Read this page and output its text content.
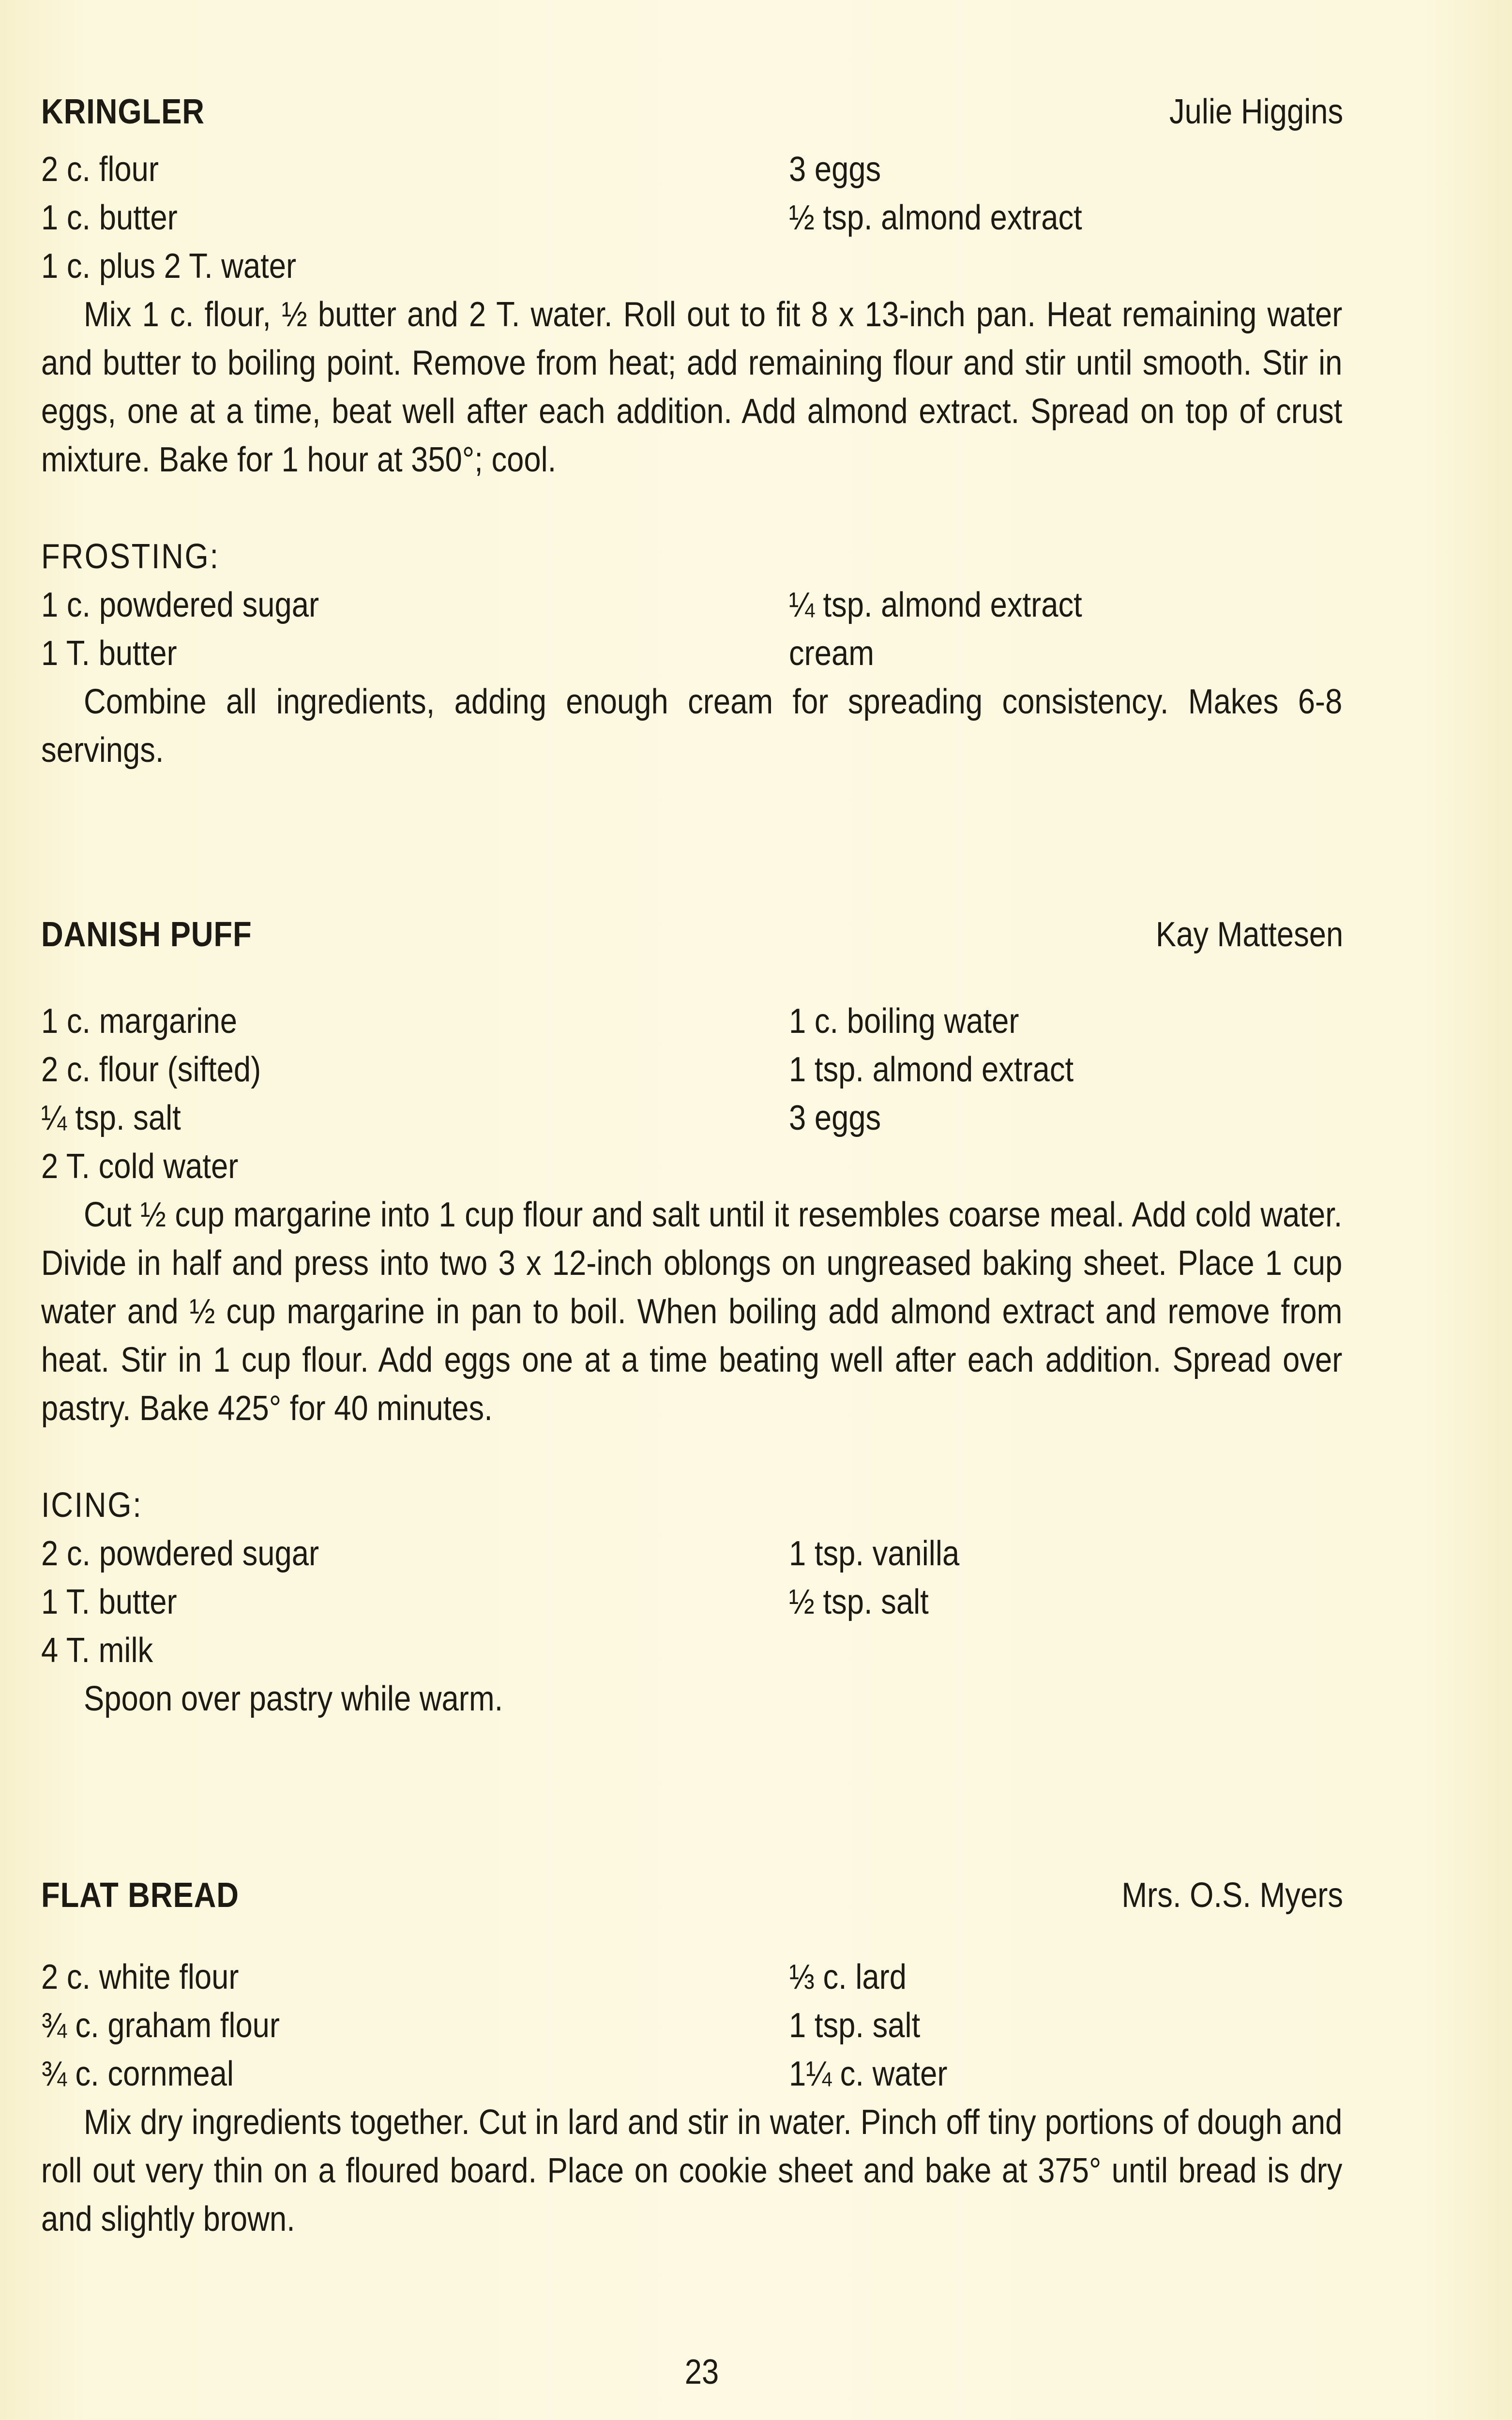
KRINGLER	Julie Higgins
2 c. flour	3 eggs
1 c. butter	½ tsp. almond extract
1 c. plus 2 T. water
Mix 1 c. flour, ½ butter and 2 T. water. Roll out to fit 8 x 13-inch pan. Heat remaining water and butter to boiling point. Remove from heat; add remaining flour and stir until smooth. Stir in eggs, one at a time, beat well after each addition. Add almond extract. Spread on top of crust mixture. Bake for 1 hour at 350°; cool.
FROSTING:
1 c. powdered sugar	¼ tsp. almond extract
1 T. butter	cream
Combine all ingredients, adding enough cream for spreading consistency. Makes 6-8 servings.
DANISH PUFF	Kay Mattesen
1 c. margarine	1 c. boiling water
2 c. flour (sifted)	1 tsp. almond extract
¼ tsp. salt	3 eggs
2 T. cold water
Cut ½ cup margarine into 1 cup flour and salt until it resembles coarse meal. Add cold water. Divide in half and press into two 3 x 12-inch oblongs on ungreased baking sheet. Place 1 cup water and ½ cup margarine in pan to boil. When boiling add almond extract and remove from heat. Stir in 1 cup flour. Add eggs one at a time beating well after each addition. Spread over pastry. Bake 425° for 40 minutes.
ICING:
2 c. powdered sugar	1 tsp. vanilla
1 T. butter	½ tsp. salt
4 T. milk
Spoon over pastry while warm.
FLAT BREAD	Mrs. O.S. Myers
2 c. white flour	⅓ c. lard
¾ c. graham flour	1 tsp. salt
¾ c. cornmeal	1¼ c. water
Mix dry ingredients together. Cut in lard and stir in water. Pinch off tiny portions of dough and roll out very thin on a floured board. Place on cookie sheet and bake at 375° until bread is dry and slightly brown.
23
